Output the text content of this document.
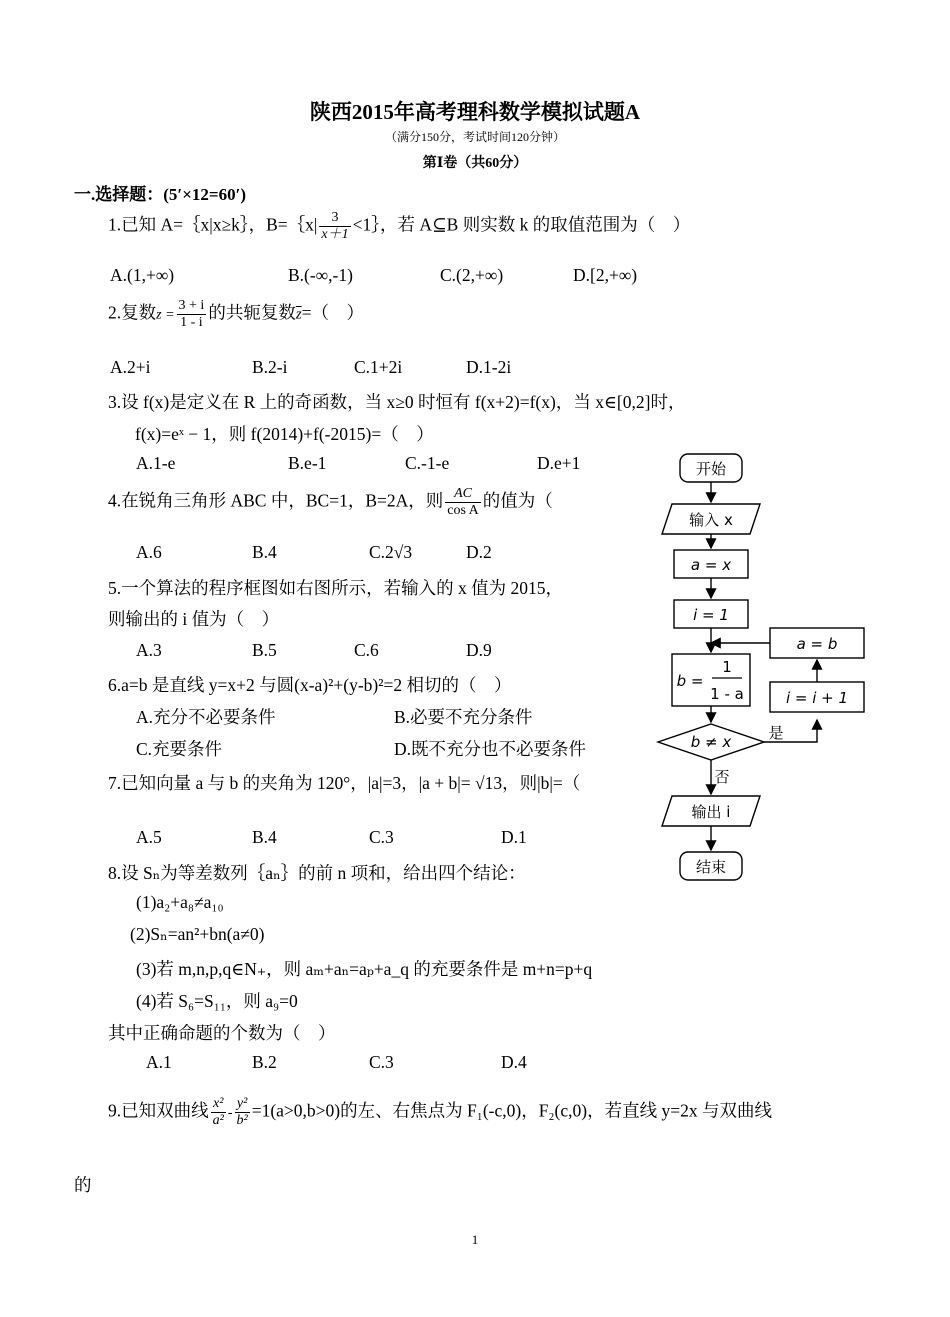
陕西2015年高考理科数学模拟试题A
（满分150分，考试时间120分钟）
第Ⅰ卷（共60分）
一.选择题：(5′×12=60′)
1.已知 A=｛x|x≥k｝，B=｛x| $\frac{3}{x+1}$ <1｝，若 A⊆B 则实数 k 的取值范围为（　）
A.(1,+∞)	B.(-∞,-1)	C.(2,+∞)	D.[2,+∞)
2.复数$z = \frac{3 + i}{1 - i}$ 的共轭复数$\overline{z}=$（　）
A.2+i	B.2-i	C.1+2i	D.1-2i
3.设 f(x)是定义在 R 上的奇函数，当 x≥0 时恒有 f(x+2)=f(x)，当 x∈[0,2]时，
f(x)=eˣ − 1，则 f(2014)+f(-2015)=（　）
A.1-e	B.e-1	C.-1-e	D.e+1
4.在锐角三角形 ABC 中，BC=1，B=2A，则 $\frac{AC}{\text{cos A}}$ 的值为（
A.6	B.4	C.2√3	D.2
5.一个算法的程序框图如右图所示，若输入的 x 值为 2015，
则输出的 i 值为（　）
A.3	B.5	C.6	D.9
6.a=b 是直线 y=x+2 与圆(x-a)²+(y-b)²=2 相切的（　）
A.充分不必要条件	B.必要不充分条件
C.充要条件	D.既不充分也不必要条件
7.已知向量 a 与 b 的夹角为 120°，|a|=3，|a + b|= √13，则|b|=（
A.5	B.4	C.3	D.1
8.设 Sₙ为等差数列｛aₙ｝的前 n 项和，给出四个结论：
(1)a₂+a₈≠a₁₀
(2)Sₙ=an²+bn(a≠0)
(3)若 m,n,p,q∈N₊，则 aₘ+aₙ=aₚ+a_q 的充要条件是 m+n=p+q
(4)若 S₆=S₁₁，则 a₉=0
其中正确命题的个数为（　）
A.1	B.2	C.3	D.4
9.已知双曲线 $\frac{\text{x²}}{\text{a²}} - \frac{\text{y²}}{\text{b²}} =1(a>0,b>0)$的左、右焦点为 F₁(-c,0)，F₂(c,0)，若直线 y=2x 与双曲线
的
开始
输入 x
a = x
i = 1
b =
1
1 - a
b ≠ x 是
否
i = i + 1
a = b
输出 i
结束
1
